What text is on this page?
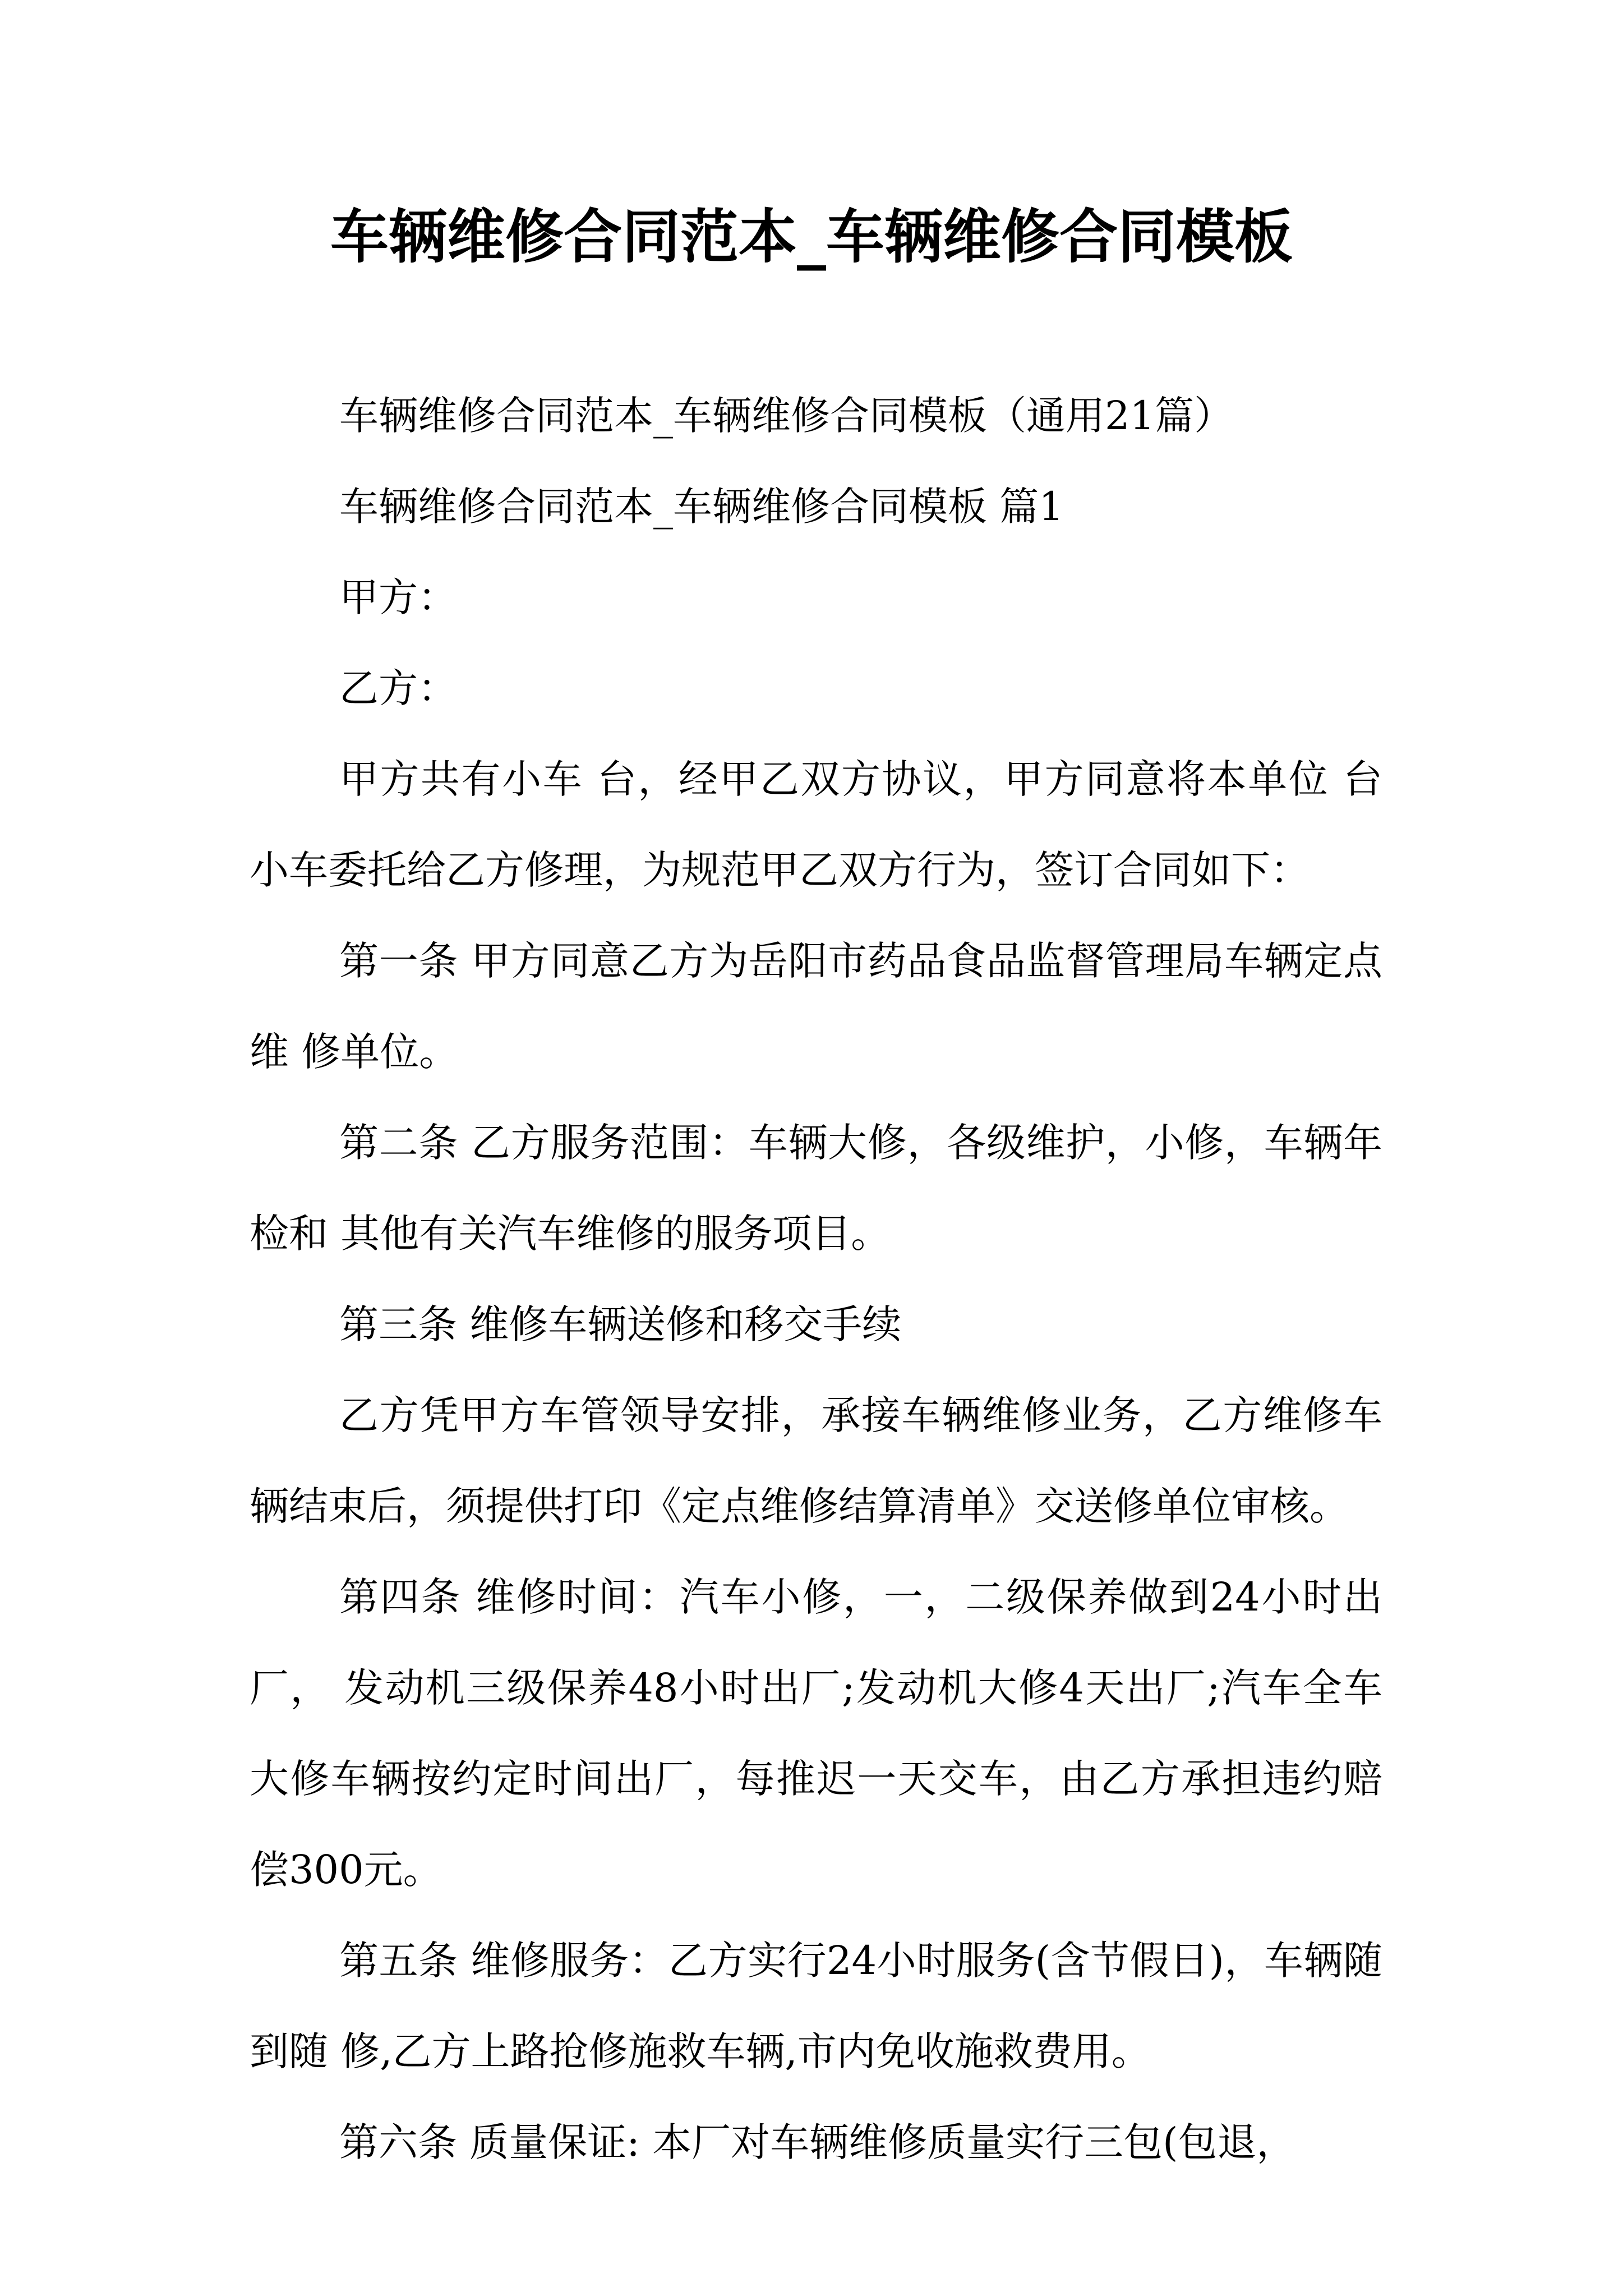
车辆维修合同范本_车辆维修合同模板

车辆维修合同范本_车辆维修合同模板（通用21篇）

车辆维修合同范本_车辆维修合同模板 篇1

甲方：

乙方：

甲方共有小车 台，经甲乙双方协议，甲方同意将本单位 台小车委托给乙方修理，为规范甲乙双方行为，签订合同如下：

第一条 甲方同意乙方为岳阳市药品食品监督管理局车辆定点维 修单位。

第二条 乙方服务范围：车辆大修，各级维护，小修，车辆年检和 其他有关汽车维修的服务项目。

第三条 维修车辆送修和移交手续

乙方凭甲方车管领导安排，承接车辆维修业务，乙方维修车辆结束后，须提供打印《定点维修结算清单》交送修单位审核。

第四条 维修时间：汽车小修，一，二级保养做到24小时出厂， 发动机三级保养48小时出厂;发动机大修4天出厂;汽车全车大修车辆按约定时间出厂，每推迟一天交车，由乙方承担违约赔偿300元。

第五条 维修服务：乙方实行24小时服务(含节假日)，车辆随到随 修,乙方上路抢修施救车辆,市内免收施救费用。

第六条 质量保证: 本厂对车辆维修质量实行三包(包退，
